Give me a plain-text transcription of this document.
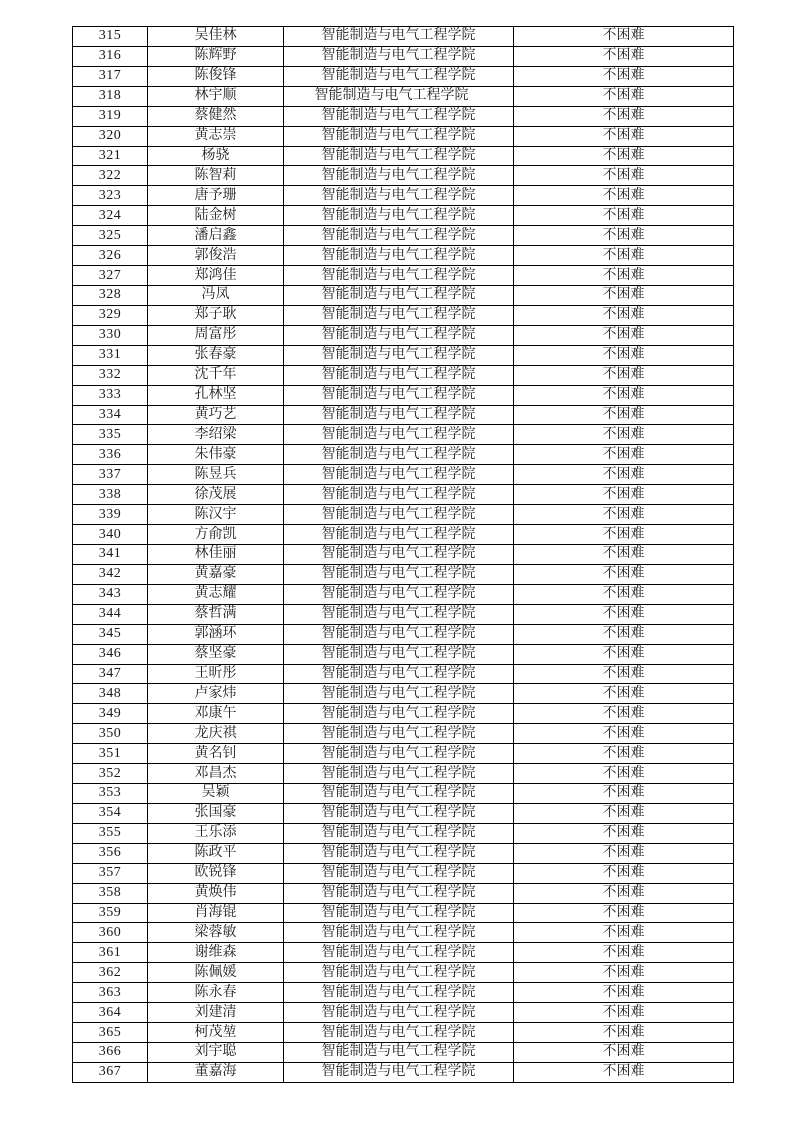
315	吴佳林	智能制造与电气工程学院	不困难
316	陈辉野	智能制造与电气工程学院	不困难
317	陈俊锋	智能制造与电气工程学院	不困难
318	林宇顺	智能制造与电气工程学院	不困难
319	蔡健然	智能制造与电气工程学院	不困难
320	黄志崇	智能制造与电气工程学院	不困难
321	杨骁	智能制造与电气工程学院	不困难
322	陈智莉	智能制造与电气工程学院	不困难
323	唐予珊	智能制造与电气工程学院	不困难
324	陆金树	智能制造与电气工程学院	不困难
325	潘启鑫	智能制造与电气工程学院	不困难
326	郭俊浩	智能制造与电气工程学院	不困难
327	郑鸿佳	智能制造与电气工程学院	不困难
328	冯凤	智能制造与电气工程学院	不困难
329	郑子耿	智能制造与电气工程学院	不困难
330	周富彤	智能制造与电气工程学院	不困难
331	张春豪	智能制造与电气工程学院	不困难
332	沈千年	智能制造与电气工程学院	不困难
333	孔林坚	智能制造与电气工程学院	不困难
334	黄巧艺	智能制造与电气工程学院	不困难
335	李绍梁	智能制造与电气工程学院	不困难
336	朱伟豪	智能制造与电气工程学院	不困难
337	陈昱兵	智能制造与电气工程学院	不困难
338	徐茂展	智能制造与电气工程学院	不困难
339	陈汉宇	智能制造与电气工程学院	不困难
340	方俞凯	智能制造与电气工程学院	不困难
341	林佳丽	智能制造与电气工程学院	不困难
342	黄嘉豪	智能制造与电气工程学院	不困难
343	黄志耀	智能制造与电气工程学院	不困难
344	蔡哲满	智能制造与电气工程学院	不困难
345	郭涵环	智能制造与电气工程学院	不困难
346	蔡坚豪	智能制造与电气工程学院	不困难
347	王昕彤	智能制造与电气工程学院	不困难
348	卢家炜	智能制造与电气工程学院	不困难
349	邓康午	智能制造与电气工程学院	不困难
350	龙庆祺	智能制造与电气工程学院	不困难
351	黄名钊	智能制造与电气工程学院	不困难
352	邓昌杰	智能制造与电气工程学院	不困难
353	吴颖	智能制造与电气工程学院	不困难
354	张国豪	智能制造与电气工程学院	不困难
355	王乐添	智能制造与电气工程学院	不困难
356	陈政平	智能制造与电气工程学院	不困难
357	欧锐锋	智能制造与电气工程学院	不困难
358	黄焕伟	智能制造与电气工程学院	不困难
359	肖海锟	智能制造与电气工程学院	不困难
360	梁蓉敏	智能制造与电气工程学院	不困难
361	谢维森	智能制造与电气工程学院	不困难
362	陈佩媛	智能制造与电气工程学院	不困难
363	陈永春	智能制造与电气工程学院	不困难
364	刘建清	智能制造与电气工程学院	不困难
365	柯茂堃	智能制造与电气工程学院	不困难
366	刘宇聪	智能制造与电气工程学院	不困难
367	董嘉海	智能制造与电气工程学院	不困难
